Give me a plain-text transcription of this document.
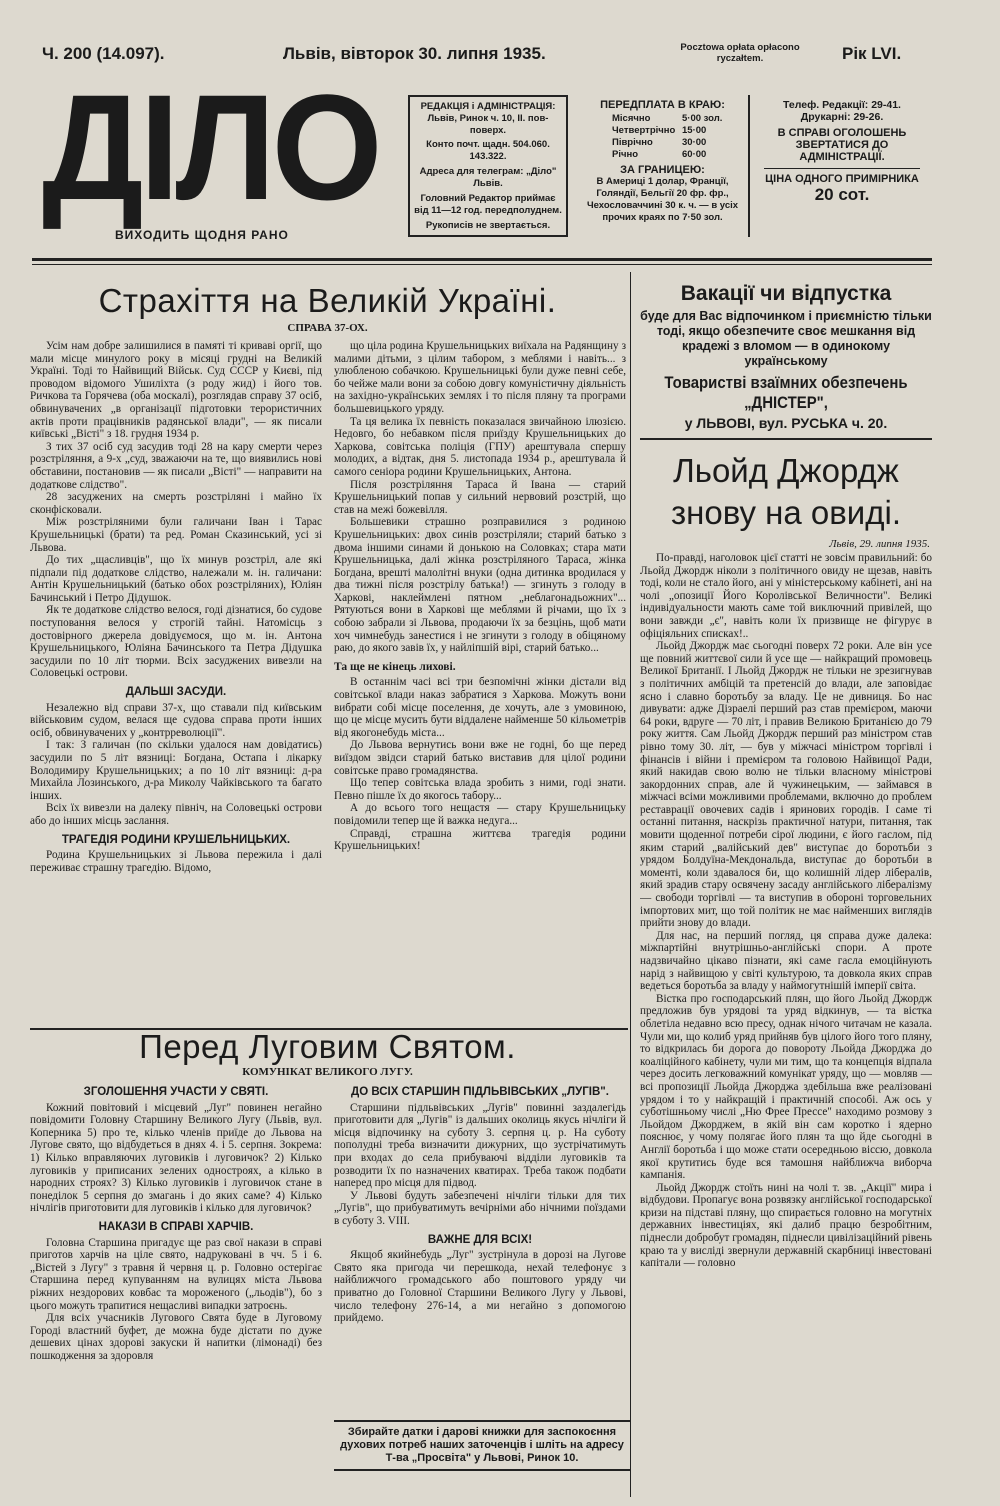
Ч. 200 (14.097).	Львів, вівторок 30. липня 1935.	Pocztowa opłata opłacono ryczałtem.	Рік LVI.
ДІЛО
ВИХОДИТЬ ЩОДНЯ РАНО
РЕДАКЦІЯ і АДМІНІСТРАЦІЯ:
Львів, Ринок ч. 10, II. пов- поверх.
Конто почт. щадн. 504.060. 143.322.
Адреса для телеграм: „Діло" Львів.
Головний Редактор приймає від 11—12 год. передполуднем.
Рукописів не звертається.
ПЕРЕДПЛАТА В КРАЮ:
Місячно	5·00 зол.
Четвертрічно 15·00
Піврічно	30·00
Річно	60·00
ЗА ГРАНИЦЕЮ:
В Америці 1 долар, Франції, Голяндії, Бельгії 20 фр. фр., Чехословаччині 30 к. ч. — в усіх прочих краях по 7·50 зол.
Телеф. Редакції: 29-41.
Друкарні: 29-26.
В СПРАВІ ОГОЛОШЕНЬ ЗВЕРТАТИСЯ ДО АДМІНІСТРАЦІЇ.
ЦІНА ОДНОГО ПРИМІРНИКА
20 сот.
Страхіття на Великій Україні.
СПРАВА 37-ОХ.

Усім нам добре залишилися в памяті ті криваві оргії, що мали місце минулого року в місяці грудні на Великій Україні. Тоді то Найвищий Військ. Суд СССР у Києві, під проводом відомого Ушиліхта (з роду жид) і його тов. Ричкова та Горячева (оба москалі), розглядав справу 37 осіб, обвинувачених „в організації підготовки терористичних актів проти працівників радянської влади", — як писали київські „Вісті" з 18. грудня 1934 р.

З тих 37 осіб суд засудив тоді 28 на кару смерти через розстріляння, а 9-х „суд, зважаючи на те, що виявились нові обставини, постановив — як писали „Вісті" — направити на додаткове слідство".

28 засуджених на смерть розстріляні і майно їх сконфісковали.

Між розстріляними були галичани Іван і Тарас Крушельницькі (брати) та ред. Роман Сказинський, усі зі Львова.

До тих „щасливців", що їх минув розстріл, але які підпали під додаткове слідство, належали м. ін. галичани: Антін Крушельницький (батько обох розстріляних), Юліян Бачинський і Петро Дідушок.

Як те додаткове слідство велося, годі дізнатися, бо судове поступовання велося у строгій тайні. Натомісць з достовірного джерела довідуємося, що м. ін. Антона Крушельницького, Юліяна Бачинського та Петра Дідушка засудили по 10 літ тюрми. Всіх засуджених вивезли на Соловецькі острови.

ДАЛЬШІ ЗАСУДИ.

Незалежно від справи 37-х, що ставали під київським військовим судом, велася ще судова справа проти інших осіб, обвинувачених у „контрреволюції".

І так: З галичан (по скільки удалося нам довідатись) засудили по 5 літ вязниці: Богдана, Остапа і лікарку Володимиру Крушельницьких; а по 10 літ вязниці: д-ра Михайла Лозинського, д-ра Миколу Чайківського та багато інших.

Всіх їх вивезли на далеку північ, на Соловецькі острови або до інших місць заслання.

ТРАГЕДІЯ РОДИНИ КРУШЕЛЬНИЦЬКИХ.

Родина Крушельницьких зі Львова пережила і далі переживає страшну трагедію. Відомо,

що ціла родина Крушельницьких виїхала на Радянщину з малими дітьми, з цілим табором, з меблями і навіть... з улюбленою собачкою. Крушельницькі були дуже певні себе, бо чейже мали вони за собою довгу комуністичну діяльність на західно-українських землях і то після пляну та програми большевицького уряду.

Та ця велика їх певність показалася звичайною ілюзією. Недовго, бо небавком після приїзду Крушельницьких до Харкова, совітська поліція (ГПУ) арештувала спершу молодих, а відтак, дня 5. листопада 1934 р., арештувала й самого сеніора родини Крушельницьких, Антона.

Після розстріляння Тараса й Івана — старий Крушельницький попав у сильний нервовий розстрій, що став на межі божевілля.

Большевики страшно розправилися з родиною Крушельницьких: двох синів розстріляли; старий батько з двома іншими синами й донькою на Соловках; стара мати Крушельницька, далі жінка розстріляного Тараса, жінка Богдана, врешті малолітні внуки (одна дитинка вродилася у два тижні після розстрілу батька!) — згинуть з голоду в Харкові, наклеймлені пятном „неблагонадьожних"... Рятуються вони в Харкові ще меблями й річами, що їх з собою забрали зі Львова, продаючи їх за безцінь, щоб мати хоч чимнебудь занестися і не згинути з голоду в обіцяному раю, до якого завів їх, у найліпшій вірі, старий батько...

Та ще не кінець лихові.

В останнім часі всі три безпомічні жінки дістали від совітської влади наказ забратися з Харкова. Можуть вони вибрати собі місце поселення, де хочуть, але з умовиною, що це місце мусить бути віддалене найменше 50 кільометрів від якогонебудь міста...

До Львова вернутись вони вже не годні, бо ще перед виїздом звідси старий батько виставив для цілої родини совітське право громадянства.

Що тепер совітська влада зробить з ними, годі знати. Певно пішле їх до якогось табору...

А до всього того нещастя — стару Крушельницьку повідомили тепер ще й важка недуга...

Справді, страшна життєва трагедія родини Крушельницьких!

Перед Луговим Святом.
КОМУНІКАТ ВЕЛИКОГО ЛУГУ.
ЗГОЛОШЕННЯ УЧАСТИ У СВЯТІ.

Кожний повітовий і місцевий „Луг" повинен негайно повідомити Головну Старшину Великого Лугу (Львів, вул. Коперника 5) про те, кілько членів приїде до Львова на Лугове свято, що відбудеться в днях 4. і 5. серпня. Зокрема: 1) Кілько вправляючих луговиків і луговичок? 2) Кілько луговиків у приписаних зелених однострoях, а кілько в народних строях? 3) Кілько луговиків і луговичок стане в понеділок 5 серпня до змагань і до яких саме? 4) Кілько нічлігів приготовити для луговиків і кілько для луговичок?

НАКАЗИ В СПРАВІ ХАРЧІВ.

Головна Старшина пригадує ще раз свої накази в справі приготов харчів на ціле свято, надруковані в чч. 5 і 6. „Вістей з Лугу" з травня й червня ц. р. Головно остерігає Старшина перед купуванням на вулицях міста Львова ріжних нездорових ковбас та мороженого („льодів"), бо з цього можуть трапитися нещасливі випадки затроєнь.

Для всіх учасників Лугового Свята буде в Луговому Городі властний буфет, де можна буде дістати по дуже дешевих цінах здорові закуски й напитки (лімонаді) без пошкодження за здоровля

ДО ВСІХ СТАРШИН ПІДЛЬВІВСЬКИХ „ЛУГІВ".

Старшини підльвівських „Лугів" повинні заздалегідь приготовити для „Лугів" із дальших околиць якусь нічліги й місця відпочинку на суботу 3. серпня ц. р. На суботу пополудні треба визначити дижурних, що зустрічатимуть при входах до села прибуваючі відділи луговиків та розводити їх по назначених кватирах. Треба також подбати наперед про місця для підвод.

У Львові будуть забезпечені нічліги тільки для тих „Лугів", що прибуватимуть вечірніми або нічними поїздами в суботу 3. VIII.

ВАЖНЕ ДЛЯ ВСІХ!

Якщоб якийнебудь „Луг" зустрінула в дорозі на Лугове Свято яка пригода чи перешкода, нехай телефонує з найближчого громадського або поштового уряду чи приватно до Головної Старшини Великого Лугу у Львові, число телефону 276-14, а ми негайно з допомогою прийдемо.

Збирайте датки і дарові книжки для заспокоєння духових потреб наших заточенців і шліть на адресу Т-ва „Просвіта" у Львові, Ринок 10.
Вакації чи відпустка
буде для Вас відпочинком і приємністю тільки тоді, якщо обезпечите своє мешкання від крадежі з вломом — в одинокому українському
Товаристві взаїмних обезпечень „ДНІСТЕР",
у ЛЬВОВІ, вул. РУСЬКА ч. 20.
Льойд Джордж знову на овиді.
Львів, 29. липня 1935.

По-правді, наголовок цієї статті не зовсім правильний: бо Льойд Джордж ніколи з політичного овиду не щезав, навіть тоді, коли не стало його, ані у міністерському кабінеті, ані на чолі „опозиції Його Королівської Величности". Великі індивідуальности мають саме той виключний привілей, що вони завжди „є", навіть коли їх призвище не фігурує в офіціяльних списках!..

Льойд Джордж має сьогодні поверх 72 роки. Але він усе ще повний життєвої сили й усе ще — найкращий промовець Великої Британії. І Льойд Джордж не тільки не зрезигнував з політичних амбіцій та претенсій до влади, але заповідає ясно і славно боротьбу за владу. Це не дивниця. Бо нас дивувати: адже Дізраелі перший раз став премієром, маючи 64 роки, вдруге — 70 літ, і правив Великою Британією до 79 року життя. Сам Льойд Джордж перший раз міністром став рівно тому 30. літ, — був у міжчасі міністром торгівлі і фінансів і війни і премієром та головою Найвищої Ради, який накидав свою волю не тільки власному міністрові закордонних справ, але й чужинецьким, — займався в міжчасі всіми можливими проблемами, включно до проблем реставрації овочевих садів і яринових городів. І саме ті останні питання, наскрізь практичної натури, питання, так мовити щоденної потреби сірої людини, є його гаслом, під яким старий „валійський дев" виступає до боротьби з урядом Болдуїна-Мекдональда, виступає до боротьби в моменті, коли здавалося би, що колишній лідер лібералів, який зрадив стару освячену засаду англійського лібералізму — свободи торгівлі — та виступив в обороні торговельних імпортових мит, що той політик не має найменших виглядів прийти знову до влади.

Для нас, на перший погляд, ця справа дуже далека: міжпартійні внутрішньо-англійські спори. А проте надзвичайно цікаво пізнати, які саме гасла емоційнують нарід з найвищою у світі культурою, та довкола яких справ ведеться боротьба за владу у наймогутнішій імперії світа.

Вістка про господарський плян, що його Льойд Джордж предложив був урядові та уряд відкинув, — та вістка облетіла недавно всю пресу, однак нічого читачам не казала. Чули ми, що колиб уряд прийняв був цілого його того пляну, то відкрилась би дорога до повороту Льойда Джорджа до коаліційного кабінету, чули ми тим, що та концепція відпала через досить легковажний комунікат уряду, що — мовляв — всі пропозиції Льойда Джорджа здебільша вже реалізовані урядом і то у найкращій і практичній способі. Аж ось у суботішньому числі „Ню Фрее Прессе" находимо розмову з Льойдом Джорджем, в якій він сам коротко і ядерно пояснює, у чому полягає його плян та що йде сьогодні в Англії боротьба і що може стати осередньою віссю, довкола якої крутитись буде вся тамошня найближча виборча кампанія.

Льойд Джордж стоїть нині на чолі т. зв. „Акції" мира і відбудови. Пропагує вона розвязку англійської господарської кризи на підставі пляну, що спирається головно на могутніх державних інвестиціях, які далиб працю безробітним, піднесли добробут громадян, піднесли цивілізаційний рівень краю та у вислідi звернули державній скарбниці інвестовані капітали — головно
